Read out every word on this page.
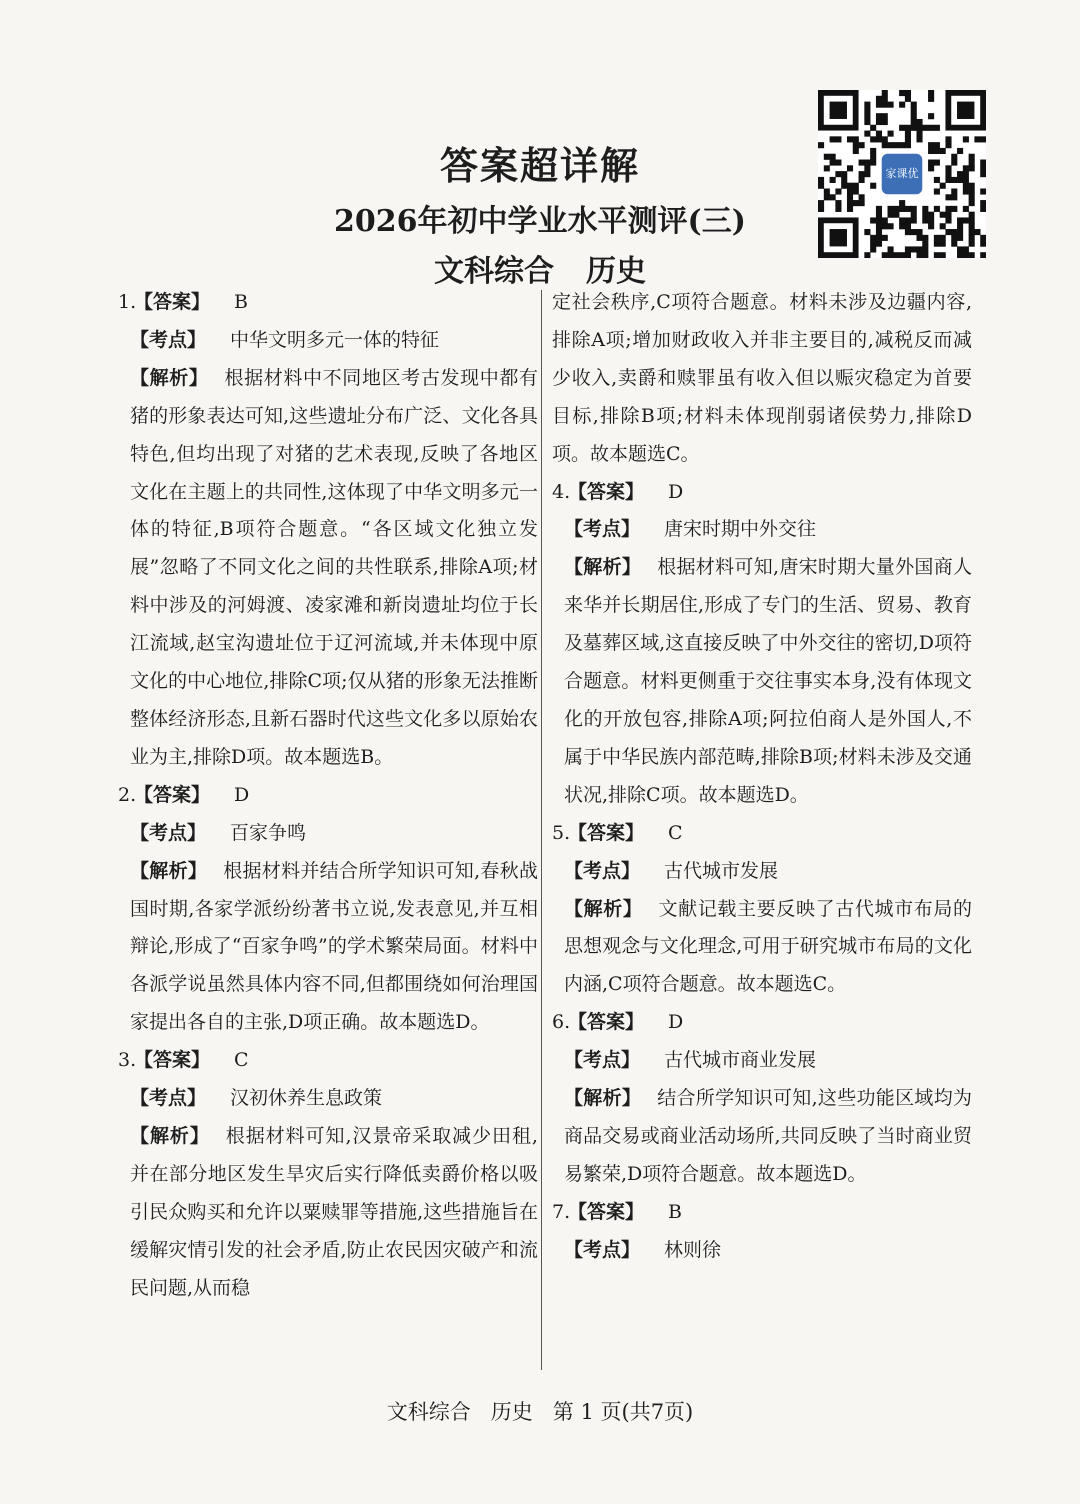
答案超详解
2026年初中学业水平测评(三)
文科综合 历史
家课优
1.
【答案】 B
【考点】 中华文明多元一体的特征
【解析】 根据材料中不同地区考古发现中都有猪的形象表达可知,这些遗址分布广泛、文化各具特色,但均出现了对猪的艺术表现,反映了各地区文化在主题上的共同性,这体现了中华文明多元一体的特征,B项符合题意。“各区域文化独立发展”忽略了不同文化之间的共性联系,排除A项;材料中涉及的河姆渡、凌家滩和新岗遗址均位于长江流域,赵宝沟遗址位于辽河流域,并未体现中原文化的中心地位,排除C项;仅从猪的形象无法推断整体经济形态,且新石器时代这些文化多以原始农业为主,排除D项。故本题选B。
2.
【答案】 D
【考点】 百家争鸣
【解析】 根据材料并结合所学知识可知,春秋战国时期,各家学派纷纷著书立说,发表意见,并互相辩论,形成了“百家争鸣”的学术繁荣局面。材料中各派学说虽然具体内容不同,但都围绕如何治理国家提出各自的主张,D项正确。故本题选D。
3.
【答案】 C
【考点】 汉初休养生息政策
【解析】 根据材料可知,汉景帝采取减少田租,并在部分地区发生旱灾后实行降低卖爵价格以吸引民众购买和允许以粟赎罪等措施,这些措施旨在缓解灾情引发的社会矛盾,防止农民因灾破产和流民问题,从而稳
定社会秩序,C项符合题意。材料未涉及边疆内容,排除A项;增加财政收入并非主要目的,减税反而减少收入,卖爵和赎罪虽有收入但以赈灾稳定为首要目标,排除B项;材料未体现削弱诸侯势力,排除D项。故本题选C。
4.
【答案】 D
【考点】 唐宋时期中外交往
【解析】 根据材料可知,唐宋时期大量外国商人来华并长期居住,形成了专门的生活、贸易、教育及墓葬区域,这直接反映了中外交往的密切,D项符合题意。材料更侧重于交往事实本身,没有体现文化的开放包容,排除A项;阿拉伯商人是外国人,不属于中华民族内部范畴,排除B项;材料未涉及交通状况,排除C项。故本题选D。
5.
【答案】 C
【考点】 古代城市发展
【解析】 文献记载主要反映了古代城市布局的思想观念与文化理念,可用于研究城市布局的文化内涵,C项符合题意。故本题选C。
6.
【答案】 D
【考点】 古代城市商业发展
【解析】 结合所学知识可知,这些功能区域均为商品交易或商业活动场所,共同反映了当时商业贸易繁荣,D项符合题意。故本题选D。
7.
【答案】 B
【考点】 林则徐
文科综合 历史 第 1 页(共7页)
